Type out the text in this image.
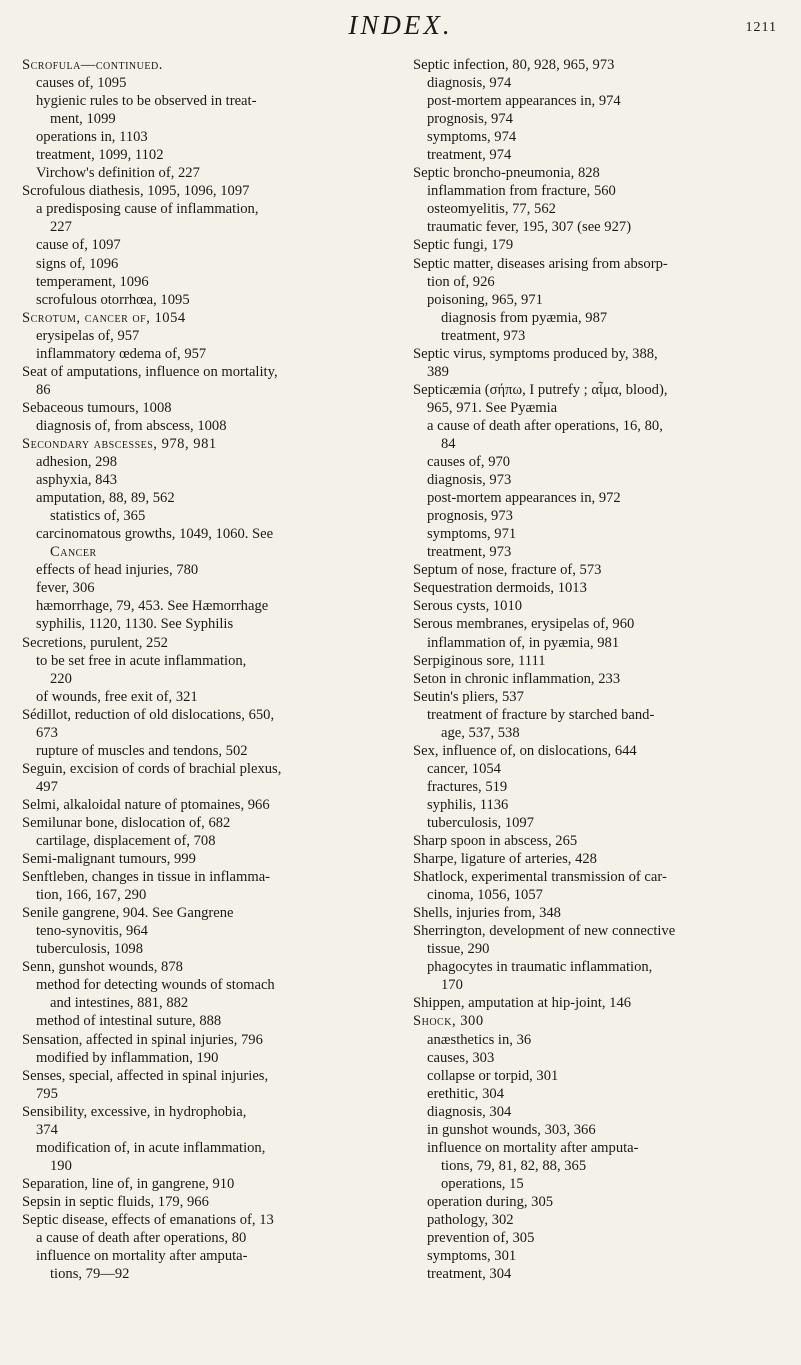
INDEX.	1211
Scrofula—continued.
causes of, 1095
hygienic rules to be observed in treat-
ment, 1099
operations in, 1103
treatment, 1099, 1102
Virchow's definition of, 227
Scrofulous diathesis, 1095, 1096, 1097
a predisposing cause of inflammation,
227
cause of, 1097
signs of, 1096
temperament, 1096
scrofulous otorrhœa, 1095
Scrotum, cancer of, 1054
erysipelas of, 957
inflammatory œdema of, 957
Seat of amputations, influence on mortality,
86
Sebaceous tumours, 1008
diagnosis of, from abscess, 1008
Secondary abscesses, 978, 981
adhesion, 298
asphyxia, 843
amputation, 88, 89, 562
statistics of, 365
carcinomatous growths, 1049, 1060. See
Cancer
effects of head injuries, 780
fever, 306
hæmorrhage, 79, 453. See Hæmorrhage
syphilis, 1120, 1130. See Syphilis
Secretions, purulent, 252
to be set free in acute inflammation,
220
of wounds, free exit of, 321
Sédillot, reduction of old dislocations, 650,
673
rupture of muscles and tendons, 502
Seguin, excision of cords of brachial plexus,
497
Selmi, alkaloidal nature of ptomaines, 966
Semilunar bone, dislocation of, 682
cartilage, displacement of, 708
Semi-malignant tumours, 999
Senftleben, changes in tissue in inflamma-
tion, 166, 167, 290
Senile gangrene, 904. See Gangrene
teno-synovitis, 964
tuberculosis, 1098
Senn, gunshot wounds, 878
method for detecting wounds of stomach
and intestines, 881, 882
method of intestinal suture, 888
Sensation, affected in spinal injuries, 796
modified by inflammation, 190
Senses, special, affected in spinal injuries,
795
Sensibility, excessive, in hydrophobia,
374
modification of, in acute inflammation,
190
Separation, line of, in gangrene, 910
Sepsin in septic fluids, 179, 966
Septic disease, effects of emanations of, 13
a cause of death after operations, 80
influence on mortality after amputa-
tions, 79—92
Septic infection, 80, 928, 965, 973
diagnosis, 974
post-mortem appearances in, 974
prognosis, 974
symptoms, 974
treatment, 974
Septic broncho-pneumonia, 828
inflammation from fracture, 560
osteomyelitis, 77, 562
traumatic fever, 195, 307 (see 927)
Septic fungi, 179
Septic matter, diseases arising from absorp-
tion of, 926
poisoning, 965, 971
diagnosis from pyæmia, 987
treatment, 973
Septic virus, symptoms produced by, 388,
389
Septicæmia (σήπω, I putrefy ; αἷμα, blood),
965, 971. See Pyæmia
a cause of death after operations, 16, 80,
84
causes of, 970
diagnosis, 973
post-mortem appearances in, 972
prognosis, 973
symptoms, 971
treatment, 973
Septum of nose, fracture of, 573
Sequestration dermoids, 1013
Serous cysts, 1010
Serous membranes, erysipelas of, 960
inflammation of, in pyæmia, 981
Serpiginous sore, 1111
Seton in chronic inflammation, 233
Seutin's pliers, 537
treatment of fracture by starched band-
age, 537, 538
Sex, influence of, on dislocations, 644
cancer, 1054
fractures, 519
syphilis, 1136
tuberculosis, 1097
Sharp spoon in abscess, 265
Sharpe, ligature of arteries, 428
Shatlock, experimental transmission of car-
cinoma, 1056, 1057
Shells, injuries from, 348
Sherrington, development of new connective
tissue, 290
phagocytes in traumatic inflammation,
170
Shippen, amputation at hip-joint, 146
Shock, 300
anæsthetics in, 36
causes, 303
collapse or torpid, 301
erethitic, 304
diagnosis, 304
in gunshot wounds, 303, 366
influence on mortality after amputa-
tions, 79, 81, 82, 88, 365
operations, 15
operation during, 305
pathology, 302
prevention of, 305
symptoms, 301
treatment, 304
